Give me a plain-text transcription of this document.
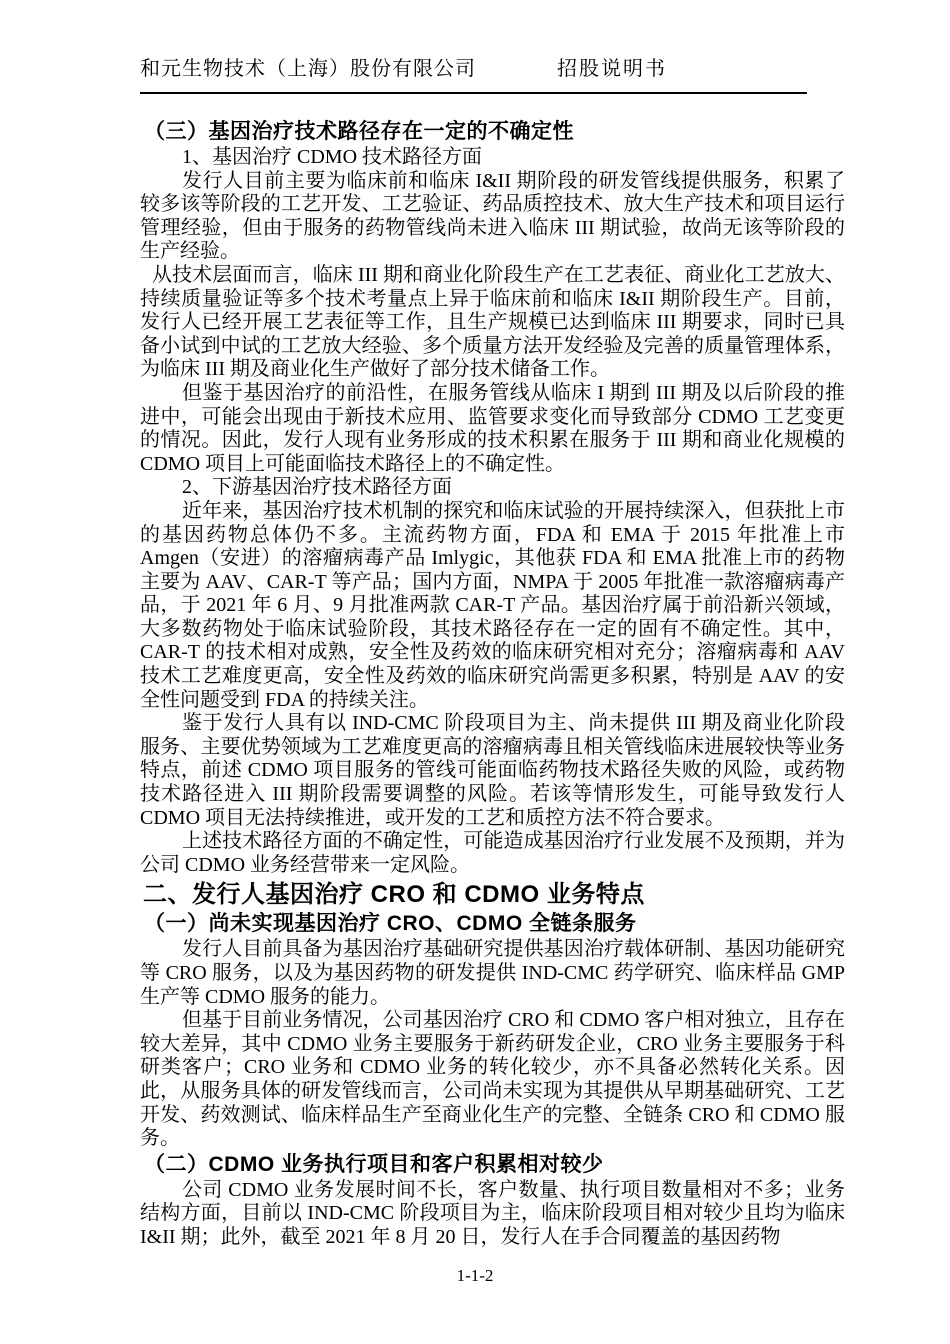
和元生物技术（上海）股份有限公司	招股说明书
（三）基因治疗技术路径存在一定的不确定性

1、基因治疗 CDMO 技术路径方面

发行人目前主要为临床前和临床 I&II 期阶段的研发管线提供服务，积累了较多该等阶段的工艺开发、工艺验证、药品质控技术、放大生产技术和项目运行管理经验，但由于服务的药物管线尚未进入临床 III 期试验，故尚无该等阶段的生产经验。

从技术层面而言，临床 III 期和商业化阶段生产在工艺表征、商业化工艺放大、持续质量验证等多个技术考量点上异于临床前和临床 I&II 期阶段生产。目前，发行人已经开展工艺表征等工作，且生产规模已达到临床 III 期要求，同时已具备小试到中试的工艺放大经验、多个质量方法开发经验及完善的质量管理体系，为临床 III 期及商业化生产做好了部分技术储备工作。

但鉴于基因治疗的前沿性，在服务管线从临床 I 期到 III 期及以后阶段的推进中，可能会出现由于新技术应用、监管要求变化而导致部分 CDMO 工艺变更的情况。因此，发行人现有业务形成的技术积累在服务于 III 期和商业化规模的 CDMO 项目上可能面临技术路径上的不确定性。

2、下游基因治疗技术路径方面

近年来，基因治疗技术机制的探究和临床试验的开展持续深入，但获批上市的基因药物总体仍不多。主流药物方面，FDA 和 EMA 于 2015 年批准上市 Amgen（安进）的溶瘤病毒产品 Imlygic，其他获 FDA 和 EMA 批准上市的药物主要为 AAV、CAR-T 等产品；国内方面，NMPA 于 2005 年批准一款溶瘤病毒产品，于 2021 年 6 月、9 月批准两款 CAR-T 产品。基因治疗属于前沿新兴领域，大多数药物处于临床试验阶段，其技术路径存在一定的固有不确定性。其中，CAR-T 的技术相对成熟，安全性及药效的临床研究相对充分；溶瘤病毒和 AAV 技术工艺难度更高，安全性及药效的临床研究尚需更多积累，特别是 AAV 的安全性问题受到 FDA 的持续关注。

鉴于发行人具有以 IND-CMC 阶段项目为主、尚未提供 III 期及商业化阶段服务、主要优势领域为工艺难度更高的溶瘤病毒且相关管线临床进展较快等业务特点，前述 CDMO 项目服务的管线可能面临药物技术路径失败的风险，或药物技术路径进入 III 期阶段需要调整的风险。若该等情形发生，可能导致发行人 CDMO 项目无法持续推进，或开发的工艺和质控方法不符合要求。

上述技术路径方面的不确定性，可能造成基因治疗行业发展不及预期，并为公司 CDMO 业务经营带来一定风险。

二、发行人基因治疗 CRO 和 CDMO 业务特点
（一）尚未实现基因治疗 CRO、CDMO 全链条服务

发行人目前具备为基因治疗基础研究提供基因治疗载体研制、基因功能研究等 CRO 服务，以及为基因药物的研发提供 IND-CMC 药学研究、临床样品 GMP 生产等 CDMO 服务的能力。

但基于目前业务情况，公司基因治疗 CRO 和 CDMO 客户相对独立，且存在较大差异，其中 CDMO 业务主要服务于新药研发企业，CRO 业务主要服务于科研类客户；CRO 业务和 CDMO 业务的转化较少，亦不具备必然转化关系。因此，从服务具体的研发管线而言，公司尚未实现为其提供从早期基础研究、工艺开发、药效测试、临床样品生产至商业化生产的完整、全链条 CRO 和 CDMO 服务。

（二）CDMO 业务执行项目和客户积累相对较少

公司 CDMO 业务发展时间不长，客户数量、执行项目数量相对不多；业务结构方面，目前以 IND-CMC 阶段项目为主，临床阶段项目相对较少且均为临床 I&II 期；此外，截至 2021 年 8 月 20 日，发行人在手合同覆盖的基因药物

1-1-2
